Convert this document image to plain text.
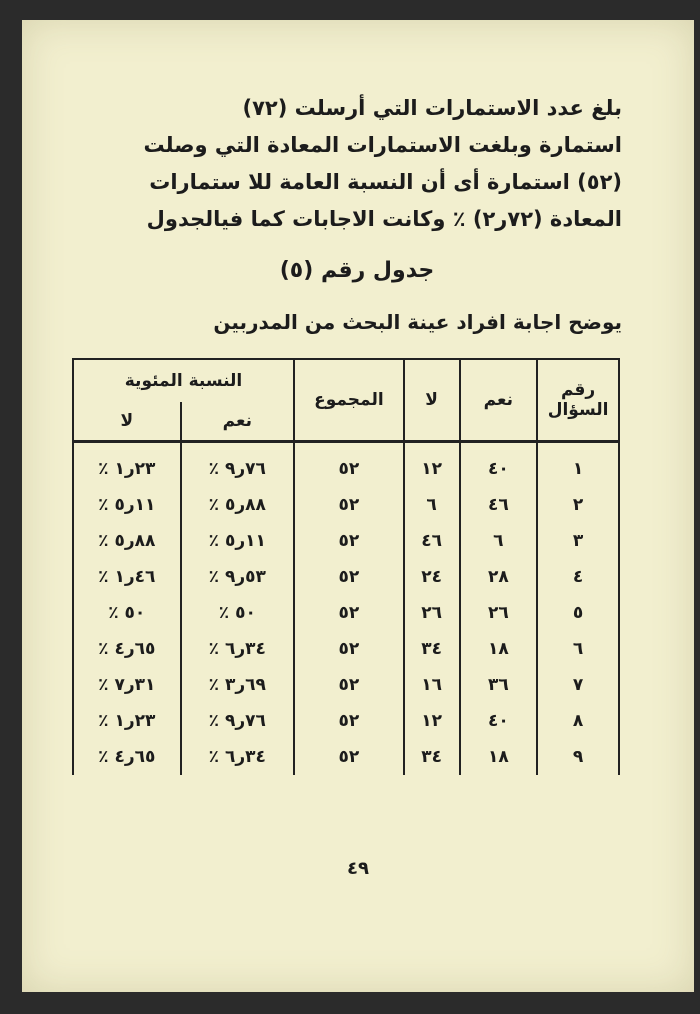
بلغ عدد الاستمارات التي أرسلت (٧٢)
استمارة وبلغت الاستمارات المعادة التي وصلت
(٥٢) استمارة أى أن النسبة العامة للا ستمارات
المعادة (٧٢ر٢) ٪ وكانت الاجابات كما فيالجدول
جدول رقم (٥)
يوضح اجابة افراد عينة البحث من المدربين
رقم
السؤال	نعم	لا	المجموع	النسبة المئوية	
				نعم	لا
١	٤٠	١٢	٥٢	٧٦ر٩ ٪	٢٣ر١ ٪
٢	٤٦	٦	٥٢	٨٨ر٥ ٪	١١ر٥ ٪
٣	٦	٤٦	٥٢	١١ر٥ ٪	٨٨ر٥ ٪
٤	٢٨	٢٤	٥٢	٥٣ر٩ ٪	٤٦ر١ ٪
٥	٢٦	٢٦	٥٢	٥٠ ٪	٥٠ ٪
٦	١٨	٣٤	٥٢	٣٤ر٦ ٪	٦٥ر٤ ٪
٧	٣٦	١٦	٥٢	٦٩ر٣ ٪	٣١ر٧ ٪
٨	٤٠	١٢	٥٢	٧٦ر٩ ٪	٢٣ر١ ٪
٩	١٨	٣٤	٥٢	٣٤ر٦ ٪	٦٥ر٤ ٪
٤٩
